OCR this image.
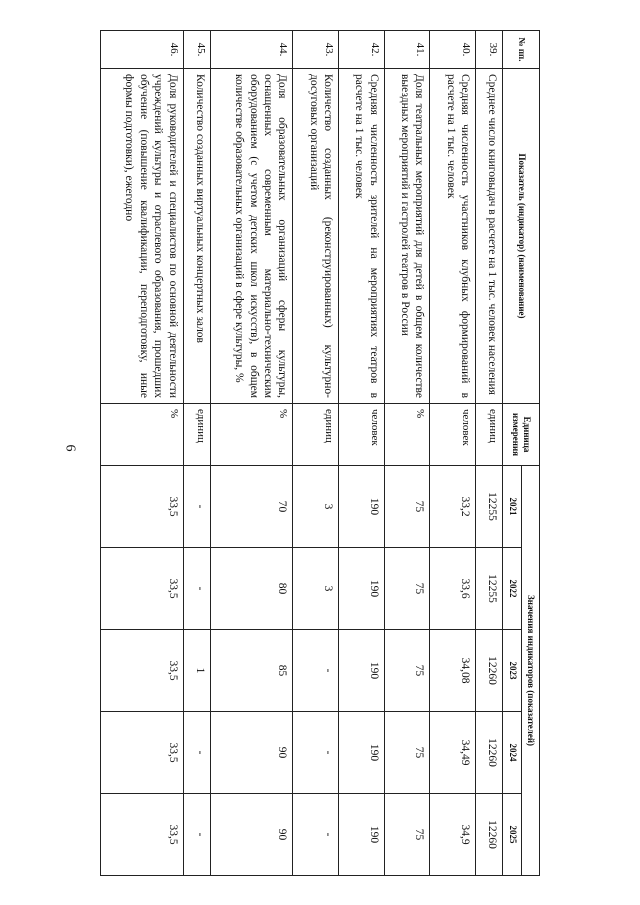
6
№ пп.	Показатель (индикатор) (наименование)	Единица измерения	Значения индикаторов (показателей)				
			2021	2022	2023	2024	2025
39.	Среднее число книговыдач в расчете на 1 тыс. человек населения	единиц	12255	12255	12260	12260	12260
40.	Средняя численность участников клубных формирований в расчете на 1 тыс. человек	человек	33,2	33,6	34,08	34,49	34,9
41.	Доля театральных мероприятий для детей в общем количестве выездных мероприятий и гастролей театров в России	%	75	75	75	75	75
42.	Средняя численность зрителей на мероприятиях театров в расчете на 1 тыс. человек	человек	190	190	190	190	190
43.	Количество созданных (реконструированных) культурно-досуговых организаций	единиц	3	3	-	-	-
44.	Доля образовательных организаций сферы культуры, оснащенных современным материально-техническим оборудованием (с учетом детских школ искусств), в общем количестве образовательных организаций в сфере культуры, %	%	70	80	85	90	90
45.	Количество созданных виртуальных концертных залов	единиц	-	-	1	-	-
46.	Доля руководителей и специалистов по основной деятельности учреждений культуры и отраслевого образования, прошедших обучение (повышение квалификации, переподготовку, иные формы подготовки), ежегодно	%	33,5	33,5	33,5	33,5	33,5
